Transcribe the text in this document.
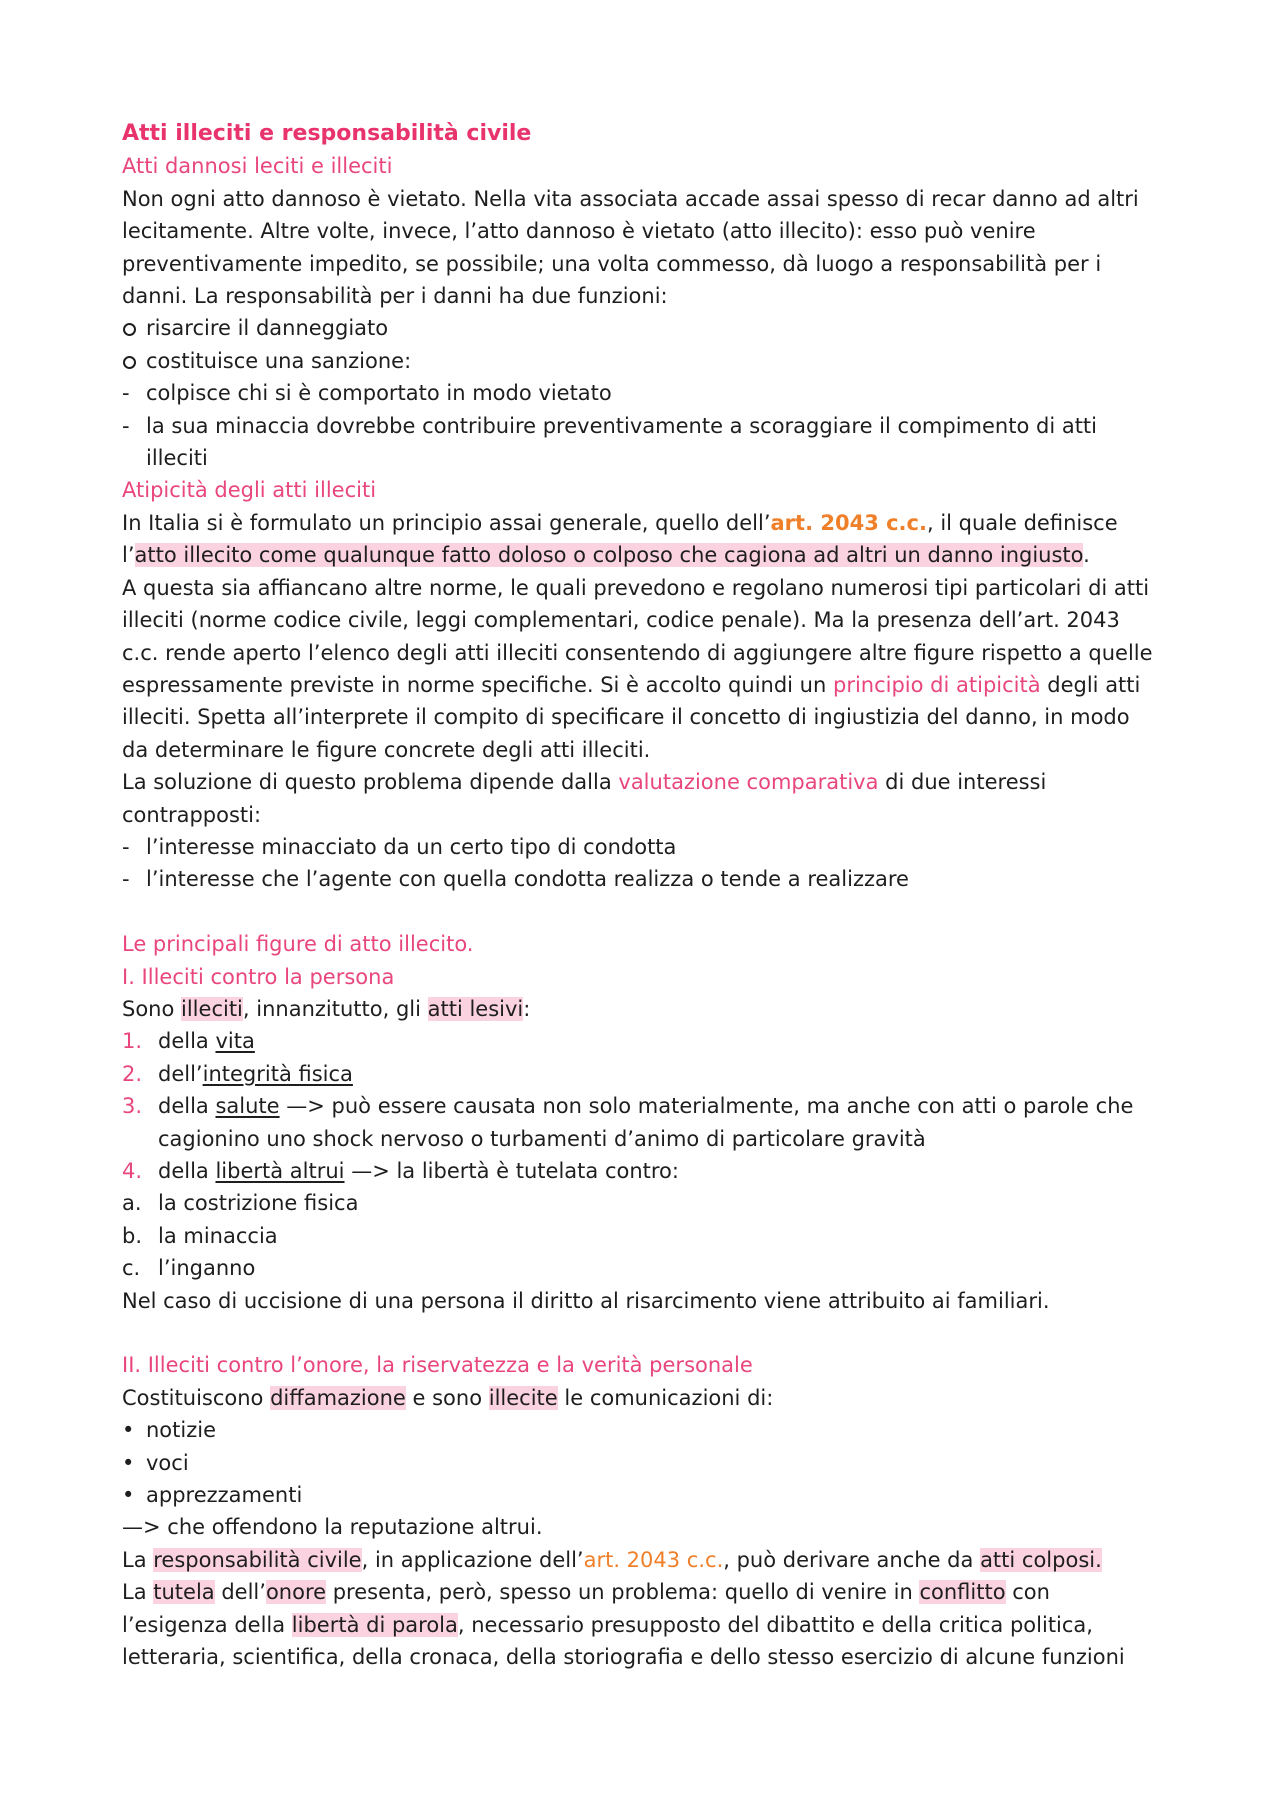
Atti illeciti e responsabilità civile
Atti dannosi leciti e illeciti
Non ogni atto dannoso è vietato. Nella vita associata accade assai spesso di recar danno ad altri
lecitamente. Altre volte, invece, l’atto dannoso è vietato (atto illecito): esso può venire
preventivamente impedito, se possibile; una volta commesso, dà luogo a responsabilità per i
danni. La responsabilità per i danni ha due funzioni:
risarcire il danneggiato
costituisce una sanzione:
- colpisce chi si è comportato in modo vietato
- la sua minaccia dovrebbe contribuire preventivamente a scoraggiare il compimento di atti
illeciti
Atipicità degli atti illeciti
In Italia si è formulato un principio assai generale, quello dell’art. 2043 c.c., il quale definisce
l’atto illecito come qualunque fatto doloso o colposo che cagiona ad altri un danno ingiusto.
A questa sia affiancano altre norme, le quali prevedono e regolano numerosi tipi particolari di atti
illeciti (norme codice civile, leggi complementari, codice penale). Ma la presenza dell’art. 2043
c.c. rende aperto l’elenco degli atti illeciti consentendo di aggiungere altre figure rispetto a quelle
espressamente previste in norme specifiche. Si è accolto quindi un principio di atipicità degli atti
illeciti. Spetta all’interprete il compito di specificare il concetto di ingiustizia del danno, in modo
da determinare le figure concrete degli atti illeciti.
La soluzione di questo problema dipende dalla valutazione comparativa di due interessi
contrapposti:
- l’interesse minacciato da un certo tipo di condotta
- l’interesse che l’agente con quella condotta realizza o tende a realizzare
Le principali figure di atto illecito.
I. Illeciti contro la persona
Sono illeciti, innanzitutto, gli atti lesivi:
1. della vita
2. dell’integrità fisica
3. della salute —> può essere causata non solo materialmente, ma anche con atti o parole che
cagionino uno shock nervoso o turbamenti d’animo di particolare gravità
4. della libertà altrui —> la libertà è tutelata contro:
a. la costrizione fisica
b. la minaccia
c. l’inganno
Nel caso di uccisione di una persona il diritto al risarcimento viene attribuito ai familiari.
II. Illeciti contro l’onore, la riservatezza e la verità personale
Costituiscono diffamazione e sono illecite le comunicazioni di:
• notizie
• voci
• apprezzamenti
—> che offendono la reputazione altrui.
La responsabilità civile, in applicazione dell’art. 2043 c.c., può derivare anche da atti colposi.
La tutela dell’onore presenta, però, spesso un problema: quello di venire in conflitto con
l’esigenza della libertà di parola, necessario presupposto del dibattito e della critica politica,
letteraria, scientifica, della cronaca, della storiografia e dello stesso esercizio di alcune funzioni
